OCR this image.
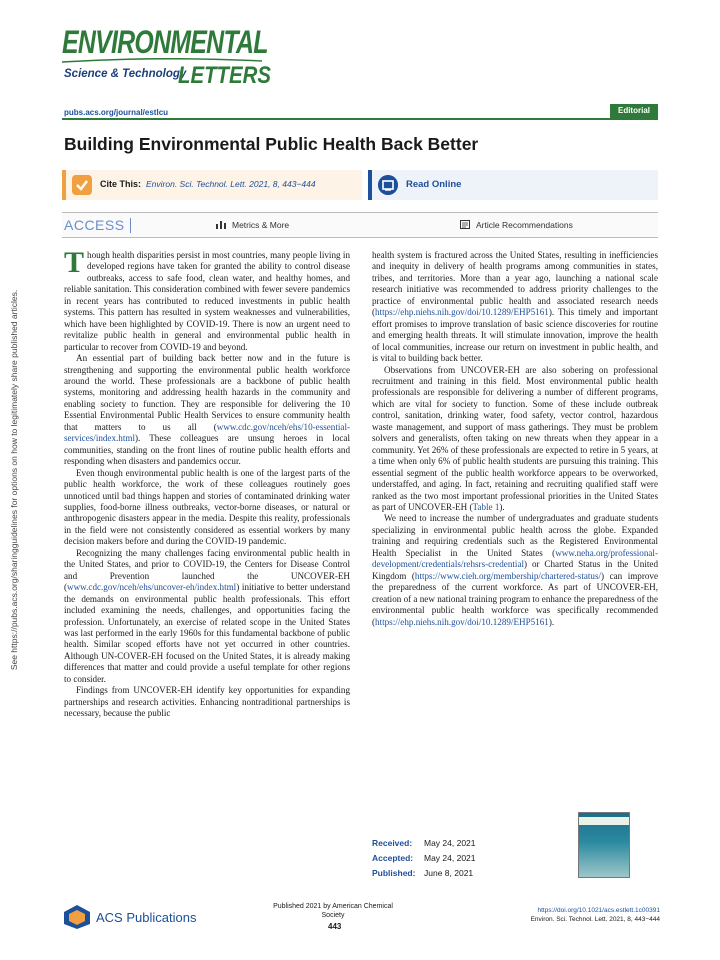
See https://pubs.acs.org/sharingguidelines for options on how to legitimately share published articles.
ENVIRONMENTAL
Science & Technology
LETTERS
pubs.acs.org/journal/estlcu	Editorial
Building Environmental Public Health Back Better
Cite This: Environ. Sci. Technol. Lett. 2021, 8, 443−444	Read Online
ACCESS	Metrics & More	Article Recommendations

Though health disparities persist in most countries, many people living in developed regions have taken for granted the ability to control disease outbreaks, access to safe food, clean water, and healthy homes, and reliable sanitation. This consideration combined with fewer severe pandemics in recent years has contributed to reduced investments in public health systems. This pattern has resulted in system weaknesses and vulnerabilities, which have been highlighted by COVID-19. There is now an urgent need to revitalize public health in general and environmental public health in particular to recover from COVID-19 and beyond.

An essential part of building back better now and in the future is strengthening and supporting the environmental public health workforce around the world. These professionals are a backbone of public health systems, monitoring and addressing health hazards in the community and enabling society to function. They are responsible for delivering the 10 Essential Environmental Public Health Services to ensure community health that matters to us all (www.cdc.gov/nceh/ehs/10-essential-services/index.html). These colleagues are unsung heroes in local communities, standing on the front lines of routine public health efforts and responding when disasters and pandemics occur.

Even though environmental public health is one of the largest parts of the public health workforce, the work of these colleagues routinely goes unnoticed until bad things happen and stories of contaminated drinking water supplies, food-borne illness outbreaks, vector-borne diseases, or natural or anthropogenic disasters appear in the media. Despite this reality, professionals in the field were not consistently considered as essential workers by many decision makers before and during the COVID-19 pandemic.

Recognizing the many challenges facing environmental public health in the United States, and prior to COVID-19, the Centers for Disease Control and Prevention launched the UNCOVER-EH (www.cdc.gov/nceh/ehs/uncover-eh/index.html) initiative to better understand the demands on environmental public health professionals. This effort included examining the needs, challenges, and opportunities facing the profession. Unfortunately, an exercise of related scope in the United States was last performed in the early 1960s for this fundamental backbone of public health. Similar scoped efforts have not yet occurred in other countries. Although UN-COVER-EH focused on the United States, it is already making differences that matter and could provide a useful template for other regions to consider.

Findings from UNCOVER-EH identify key opportunities for expanding partnerships and research activities. Enhancing nontraditional partnerships is necessary, because the public

health system is fractured across the United States, resulting in inefficiencies and inequity in delivery of health programs among communities in states, tribes, and territories. More than a year ago, launching a national scale research initiative was recommended to address priority challenges to the practice of environmental public health and associated research needs (https://ehp.niehs.nih.gov/doi/10.1289/EHP5161). This timely and important effort promises to improve translation of basic science discoveries for routine and emerging health threats. It will stimulate innovation, improve the health of local communities, increase our return on investment in public health, and is vital to building back better.

Observations from UNCOVER-EH are also sobering on professional recruitment and training in this field. Most environmental public health professionals are responsible for delivering a number of different programs, which are vital for society to function. Some of these include outbreak control, sanitation, drinking water, food safety, vector control, hazardous waste management, and support of mass gatherings. They must be problem solvers and generalists, often taking on new threats when they appear in a community. Yet 26% of these professionals are expected to retire in 5 years, at a time when only 6% of public health students are pursuing this training. This essential segment of the public health workforce appears to be overworked, understaffed, and aging. In fact, retaining and recruiting qualified staff were ranked as the two most important professional priorities in the United States as part of UNCOVER-EH (Table 1).

We need to increase the number of undergraduates and graduate students specializing in environmental public health across the globe. Expanded training and requiring credentials such as the Registered Environmental Health Specialist in the United States (www.neha.org/professional-development/credentials/rehsrs-credential) or Charted Status in the United Kingdom (https://www.cieh.org/membership/chartered-status/) can improve the preparedness of the current workforce. As part of UNCOVER-EH, creation of a new national training program to enhance the preparedness of the environmental public health workforce was specifically recommended (https://ehp.niehs.nih.gov/doi/10.1289/EHP5161).

Received: May 24, 2021
Accepted: May 24, 2021
Published: June 8, 2021
ACS Publications
Published 2021 by American Chemical
Society
443
https://doi.org/10.1021/acs.estlett.1c00391
Environ. Sci. Technol. Lett. 2021, 8, 443−444
